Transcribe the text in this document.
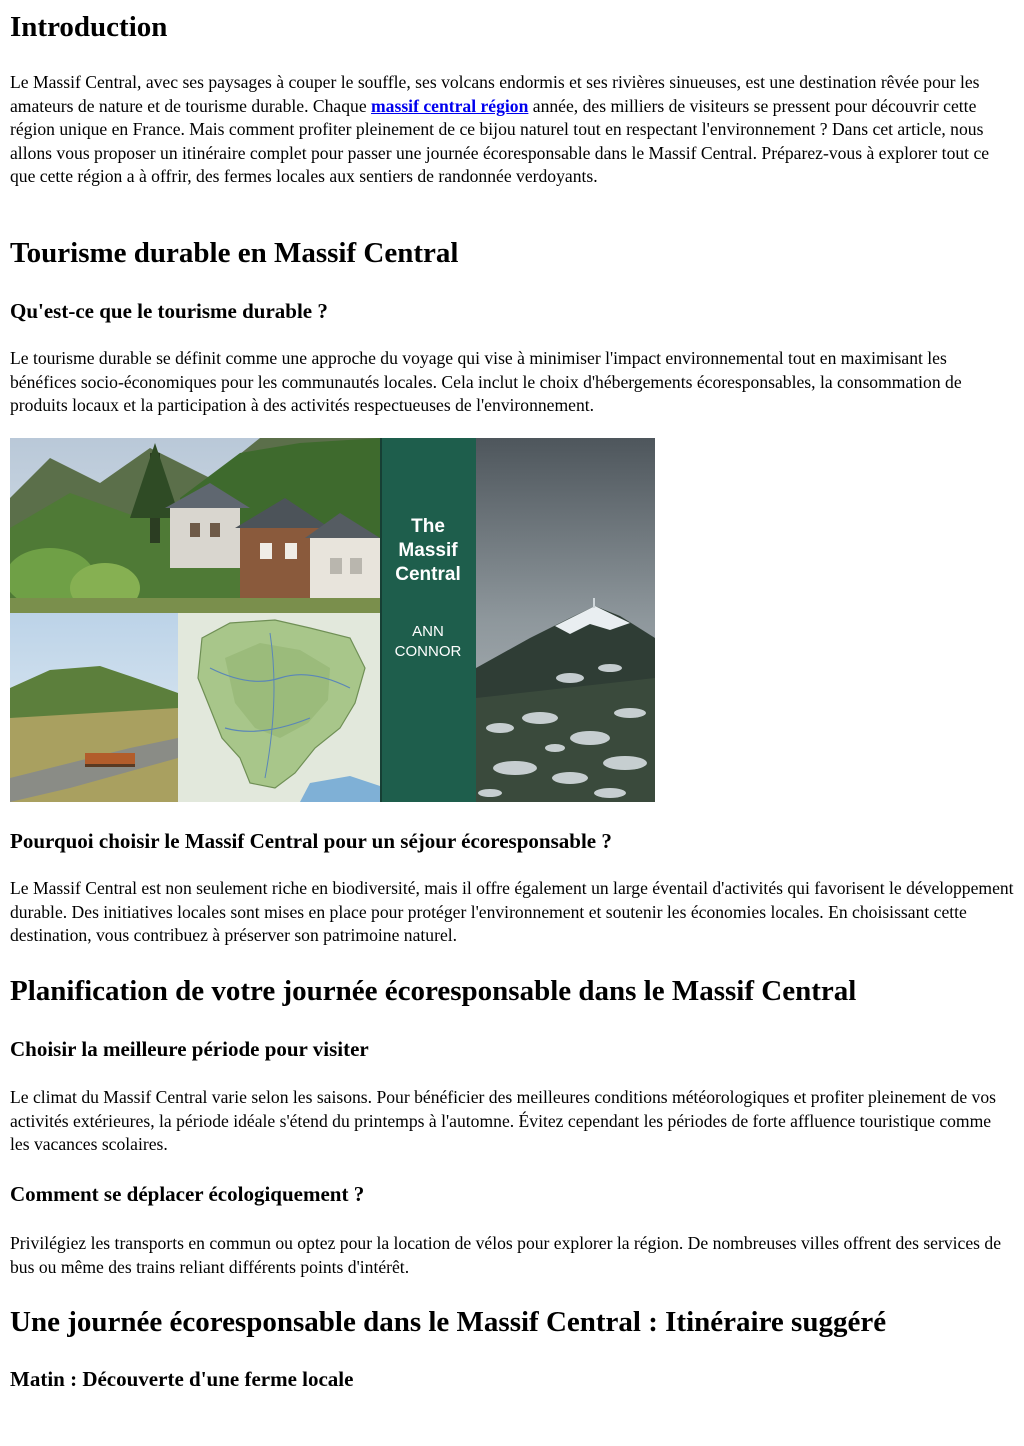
Introduction

Le Massif Central, avec ses paysages à couper le souffle, ses volcans endormis et ses rivières sinueuses, est une destination rêvée pour les amateurs de nature et de tourisme durable. Chaque massif central région année, des milliers de visiteurs se pressent pour découvrir cette région unique en France. Mais comment profiter pleinement de ce bijou naturel tout en respectant l'environnement ? Dans cet article, nous allons vous proposer un itinéraire complet pour passer une journée écoresponsable dans le Massif Central. Préparez-vous à explorer tout ce que cette région a à offrir, des fermes locales aux sentiers de randonnée verdoyants.

Tourisme durable en Massif Central
Qu'est-ce que le tourisme durable ?

Le tourisme durable se définit comme une approche du voyage qui vise à minimiser l'impact environnemental tout en maximisant les bénéfices socio-économiques pour les communautés locales. Cela inclut le choix d'hébergements écoresponsables, la consommation de produits locaux et la participation à des activités respectueuses de l'environnement.

The
Massif
Central
ANN
CONNOR
Pourquoi choisir le Massif Central pour un séjour écoresponsable ?

Le Massif Central est non seulement riche en biodiversité, mais il offre également un large éventail d'activités qui favorisent le développement durable. Des initiatives locales sont mises en place pour protéger l'environnement et soutenir les économies locales. En choisissant cette destination, vous contribuez à préserver son patrimoine naturel.

Planification de votre journée écoresponsable dans le Massif Central
Choisir la meilleure période pour visiter

Le climat du Massif Central varie selon les saisons. Pour bénéficier des meilleures conditions météorologiques et profiter pleinement de vos activités extérieures, la période idéale s'étend du printemps à l'automne. Évitez cependant les périodes de forte affluence touristique comme les vacances scolaires.

Comment se déplacer écologiquement ?

Privilégiez les transports en commun ou optez pour la location de vélos pour explorer la région. De nombreuses villes offrent des services de bus ou même des trains reliant différents points d'intérêt.

Une journée écoresponsable dans le Massif Central : Itinéraire suggéré
Matin : Découverte d'une ferme locale
